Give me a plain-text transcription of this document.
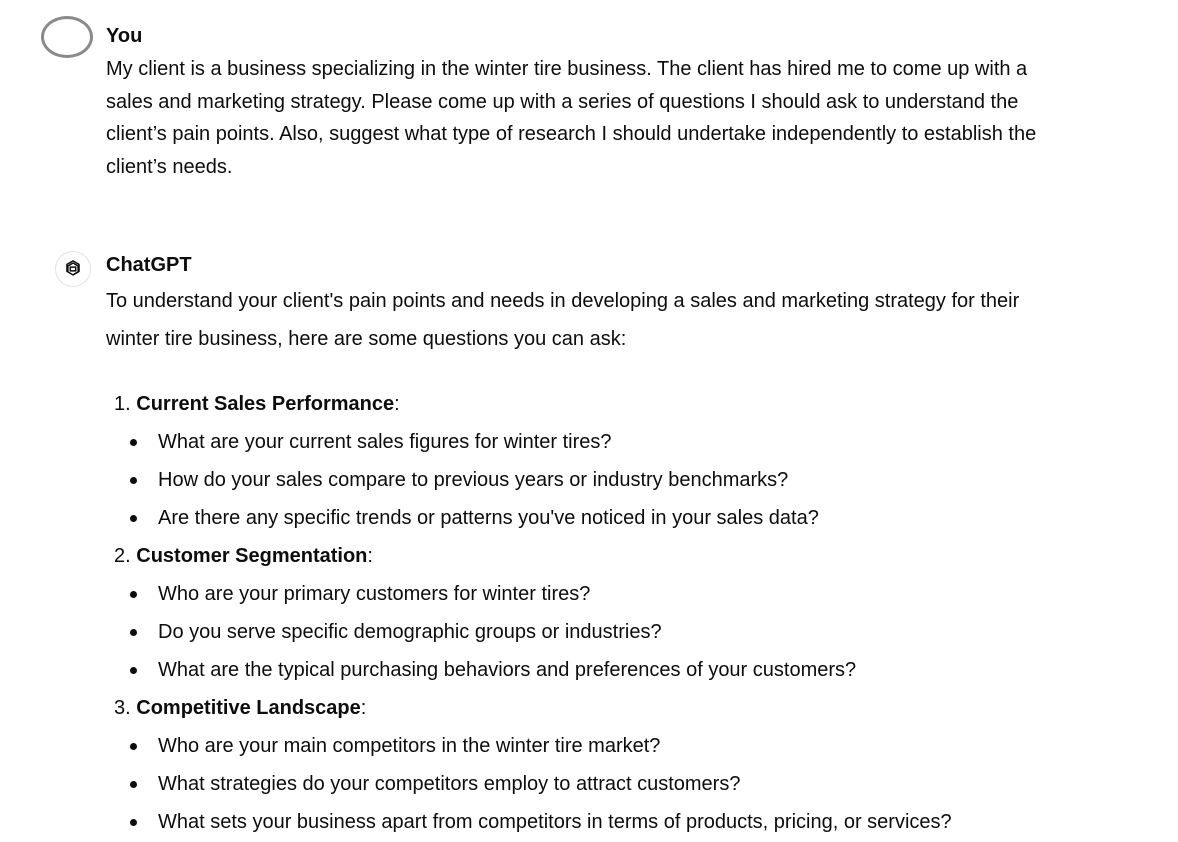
You
My client is a business specializing in the winter tire business. The client has hired me to come up with a sales and marketing strategy. Please come up with a series of questions I should ask to understand the client’s pain points. Also, suggest what type of research I should undertake independently to establish the client’s needs.
ChatGPT
To understand your client's pain points and needs in developing a sales and marketing strategy for their winter tire business, here are some questions you can ask:
1. Current Sales Performance:
What are your current sales figures for winter tires?
How do your sales compare to previous years or industry benchmarks?
Are there any specific trends or patterns you've noticed in your sales data?
2. Customer Segmentation:
Who are your primary customers for winter tires?
Do you serve specific demographic groups or industries?
What are the typical purchasing behaviors and preferences of your customers?
3. Competitive Landscape:
Who are your main competitors in the winter tire market?
What strategies do your competitors employ to attract customers?
What sets your business apart from competitors in terms of products, pricing, or services?
